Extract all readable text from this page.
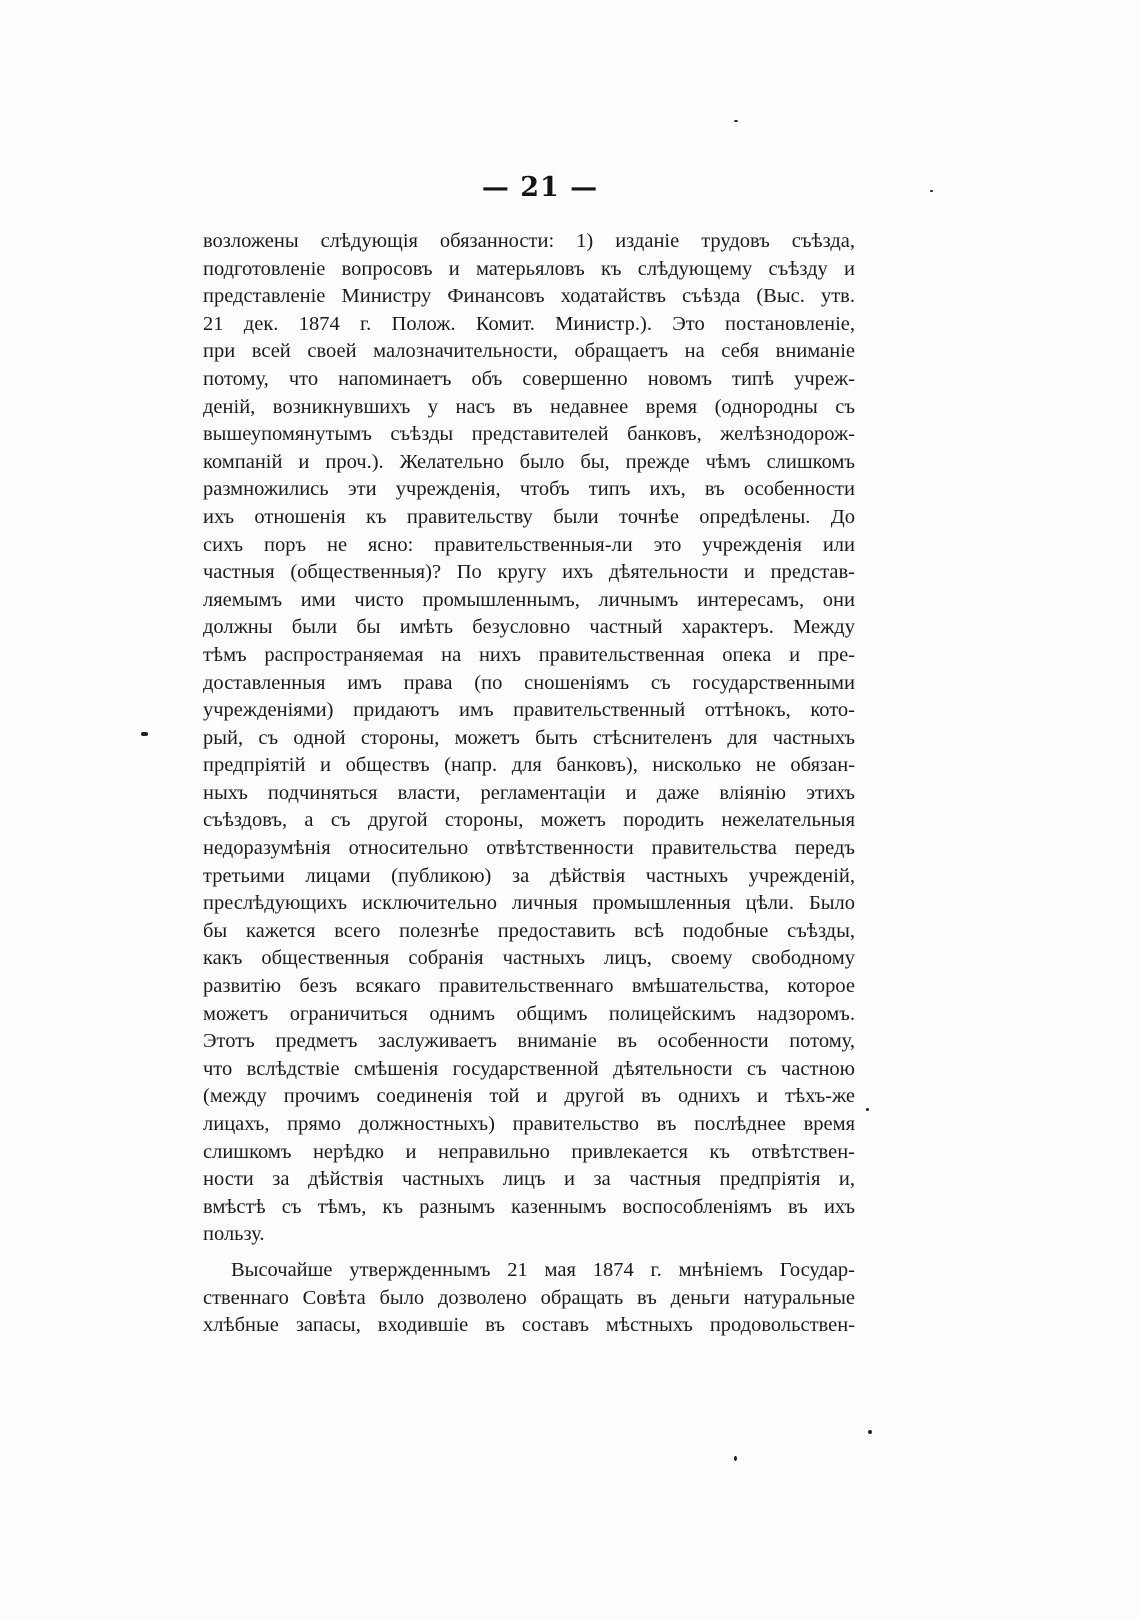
— 21 —
возложены слѣдующія обязанности: 1) изданіе трудовъ съѣзда,
подготовленіе вопросовъ и матерьяловъ къ слѣдующему съѣзду и
представленіе Министру Финансовъ ходатайствъ съѣзда (Выс. утв.
21 дек. 1874 г. Полож. Комит. Министр.). Это постановленіе,
при всей своей малозначительности, обращаетъ на себя вниманіе
потому, что напоминаетъ объ совершенно новомъ типѣ учреж-
деній, возникнувшихъ у насъ въ недавнее время (однородны съ
вышеупомянутымъ съѣзды представителей банковъ, желѣзнодорож-
компаній и проч.). Желательно было бы, прежде чѣмъ слишкомъ
размножились эти учрежденія, чтобъ типъ ихъ, въ особенности
ихъ отношенія къ правительству были точнѣе опредѣлены. До
сихъ поръ не ясно: правительственныя-ли это учрежденія или
частныя (общественныя)? По кругу ихъ дѣятельности и представ-
ляемымъ ими чисто промышленнымъ, личнымъ интересамъ, они
должны были бы имѣть безусловно частный характеръ. Между
тѣмъ распространяемая на нихъ правительственная опека и пре-
доставленныя имъ права (по сношеніямъ съ государственными
учрежденіями) придаютъ имъ правительственный оттѣнокъ, кото-
рый, съ одной стороны, можетъ быть стѣснителенъ для частныхъ
предпріятій и обществъ (напр. для банковъ), нисколько не обязан-
ныхъ подчиняться власти, регламентаціи и даже вліянію этихъ
съѣздовъ, а съ другой стороны, можетъ породить нежелательныя
недоразумѣнія относительно отвѣтственности правительства передъ
третьими лицами (публикою) за дѣйствія частныхъ учрежденій,
преслѣдующихъ исключительно личныя промышленныя цѣли. Было
бы кажется всего полезнѣе предоставить всѣ подобные съѣзды,
какъ общественныя собранія частныхъ лицъ, своему свободному
развитію безъ всякаго правительственнаго вмѣшательства, которое
можетъ ограничиться однимъ общимъ полицейскимъ надзоромъ.
Этотъ предметъ заслуживаетъ вниманіе въ особенности потому,
что вслѣдствіе смѣшенія государственной дѣятельности съ частною
(между прочимъ соединенія той и другой въ однихъ и тѣхъ-же
лицахъ, прямо должностныхъ) правительство въ послѣднее время
слишкомъ нерѣдко и неправильно привлекается къ отвѣтствен-
ности за дѣйствія частныхъ лицъ и за частныя предпріятія и,
вмѣстѣ съ тѣмъ, къ разнымъ казеннымъ воспособленіямъ въ ихъ
пользу.
Высочайше утвержденнымъ 21 мая 1874 г. мнѣніемъ Государ-
ственнаго Совѣта было дозволено обращать въ деньги натуральные
хлѣбные запасы, входившіе въ составъ мѣстныхъ продовольствен-
